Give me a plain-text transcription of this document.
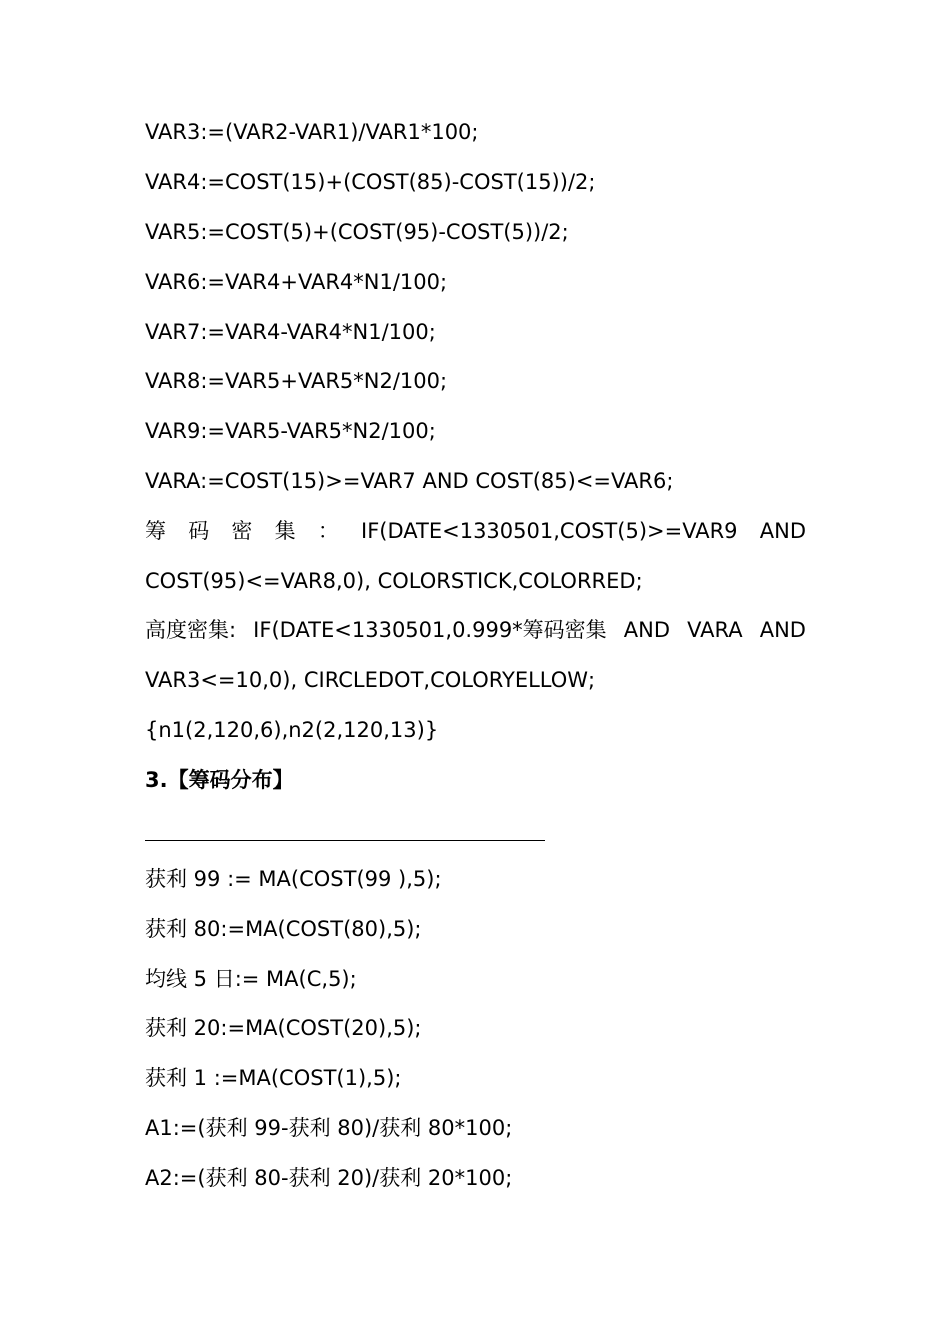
VAR3:=(VAR2-VAR1)/VAR1*100;
VAR4:=COST(15)+(COST(85)-COST(15))/2;
VAR5:=COST(5)+(COST(95)-COST(5))/2;
VAR6:=VAR4+VAR4*N1/100;
VAR7:=VAR4-VAR4*N1/100;
VAR8:=VAR5+VAR5*N2/100;
VAR9:=VAR5-VAR5*N2/100;
VARA:=COST(15)>=VAR7 AND COST(85)<=VAR6;
筹 码 密 集 ： IF(DATE<1330501,COST(5)>=VAR9 AND
COST(95)<=VAR8,0), COLORSTICK,COLORRED;
高度密集: IF(DATE<1330501,0.999*筹码密集 AND VARA AND
VAR3<=10,0), CIRCLEDOT,COLORYELLOW;
{n1(2,120,6),n2(2,120,13)}
3.【筹码分布】
获利 99 := MA(COST(99 ),5);
获利 80:=MA(COST(80),5);
均线 5 日:= MA(C,5);
获利 20:=MA(COST(20),5);
获利 1 :=MA(COST(1),5);
A1:=(获利 99-获利 80)/获利 80*100;
A2:=(获利 80-获利 20)/获利 20*100;
